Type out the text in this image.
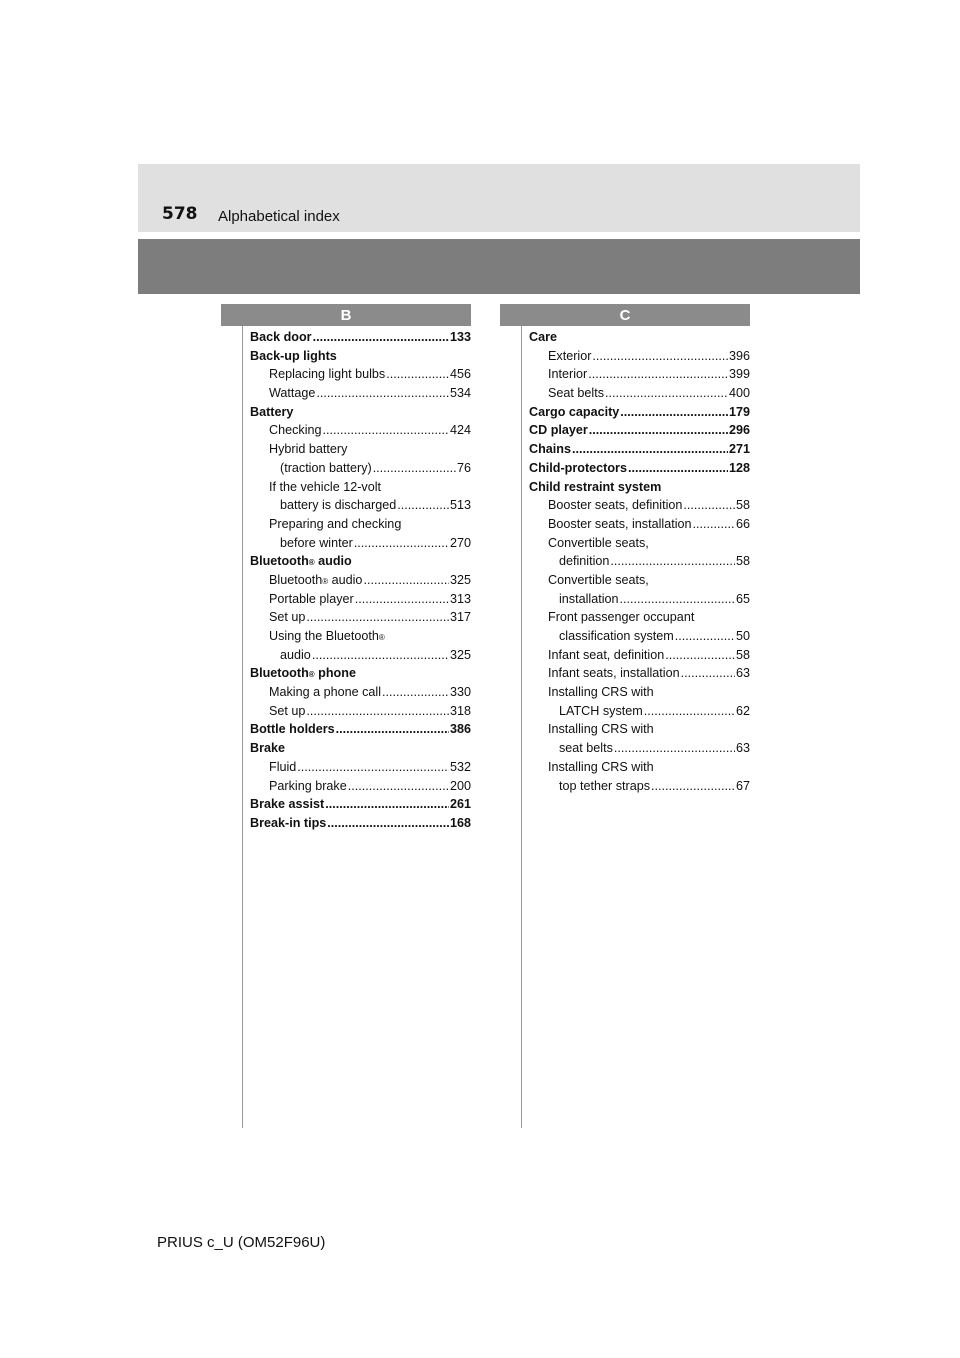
578 Alphabetical index
B	C
Back door .....	133
Back-up lights
Replacing light bulbs .....	456
Wattage .....	534
Battery
Checking .....	424
Hybrid battery
(traction battery) .....	76
If the vehicle 12-volt
battery is discharged .....	513
Preparing and checking
before winter .....	270
Bluetooth ® audio
Bluetooth ® audio .....	325
Portable player .....	313
Set up .....	317
Using the Bluetooth ®
audio .....	325
Bluetooth ® phone
Making a phone call .....	330
Set up .....	318
Bottle holders .....	386
Brake
Fluid .....	532
Parking brake .....	200
Brake assist .....	261
Break-in tips .....	168
Care
Exterior .....	396
Interior .....	399
Seat belts .....	400
Cargo capacity .....	179
CD player .....	296
Chains .....	271
Child-protectors .....	128
Child restraint system
Booster seats, definition .....	58
Booster seats, installation .....	66
Convertible seats,
definition .....	58
Convertible seats,
installation .....	65
Front passenger occupant
classification system .....	50
Infant seat, definition .....	58
Infant seats, installation .....	63
Installing CRS with
LATCH system .....	62
Installing CRS with
seat belts .....	63
Installing CRS with
top tether straps .....	67
PRIUS c_U (OM52F96U)
